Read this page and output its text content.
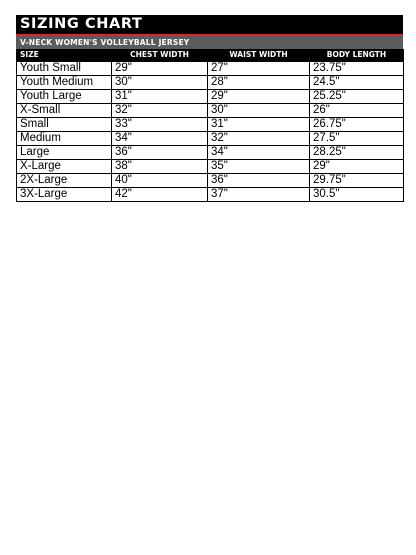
SIZING CHART
V-NECK WOMEN'S VOLLEYBALL JERSEY
SIZE	CHEST WIDTH	WAIST WIDTH	BODY LENGTH
Youth Small	29"	27"	23.75"
Youth Medium	30"	28"	24.5"
Youth Large	31"	29"	25.25"
X-Small	32"	30"	26"
Small	33"	31"	26.75"
Medium	34"	32"	27.5"
Large	36"	34"	28.25"
X-Large	38"	35"	29"
2X-Large	40"	36"	29.75"
3X-Large	42"	37"	30.5"
